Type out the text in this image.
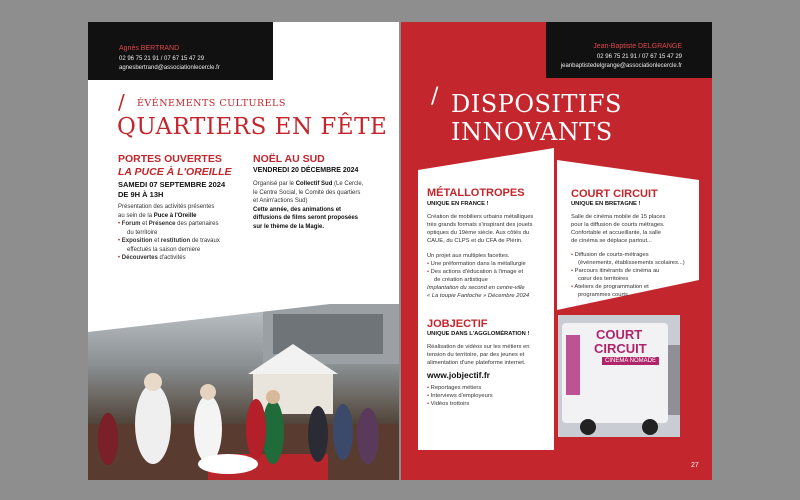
Agnès BERTRAND
02 96 75 21 91 / 07 67 15 47 29
agnesbertrand@associationlecercle.fr
/ ÉVÉNEMENTS CULTURELS
QUARTIERS EN FÊTE
PORTES OUVERTES
LA PUCE À L'OREILLE
SAMEDI 07 SEPTEMBRE 2024
DE 9H À 13H
Présentation des activités présentes
au sein de la Puce à l'Oreille
• Forum et Présence des partenaires
du territoire
• Exposition et restitution de travaux
effectués la saison dernière
• Découvertes d'activités
NOËL AU SUD
VENDREDI 20 DÉCEMBRE 2024
Organisé par le Collectif Sud (Le Cercle,
le Centre Social, le Comité des quartiers
et Anim'actions Sud)
Cette année, des animations et
diffusions de films seront proposées
sur le thème de la Magie.
Jean-Baptiste DELGRANGE
02 96 75 21 91 / 07 67 15 47 29
jeanbaptistedelgrange@associationlecercle.fr
/ DISPOSITIFS
INNOVANTS
MÉTALLOTROPES
UNIQUE EN FRANCE !
Création de mobiliers urbains métalliques
très grands formats s'inspirant des jouets
optiques du 19ème siècle. Aux côtés du
CAUE, du CLPS et du CFA de Plérin.
Un projet aux multiples facettes.
• Une préformation dans la métallurgie
• Des actions d'éducation à l'image et
de création artistique
Implantation du second en centre-ville
« La toupie Fantoche » Décembre 2024
COURT CIRCUIT
UNIQUE EN BRETAGNE !
Salle de cinéma mobile de 15 places
pour la diffusion de courts métrages.
Confortable et accueillante, la salle
de cinéma se déplace partout...
• Diffusion de courts-métrages
(événements, établissements scolaires...)
• Parcours itinérants de cinéma au
cœur des territoires
• Ateliers de programmation et
programmes courts
COURT
CIRCUIT
CINÉMA NOMADE
JOBJECTIF
UNIQUE DANS L'AGGLOMÉRATION !
Réalisation de vidéos sur les métiers en
tension du territoire, par des jeunes et
alimentation d'une plateforme internet.
www.jobjectif.fr
• Reportages métiers
• Interviews d'employeurs
• Vidéos trottoirs
27
